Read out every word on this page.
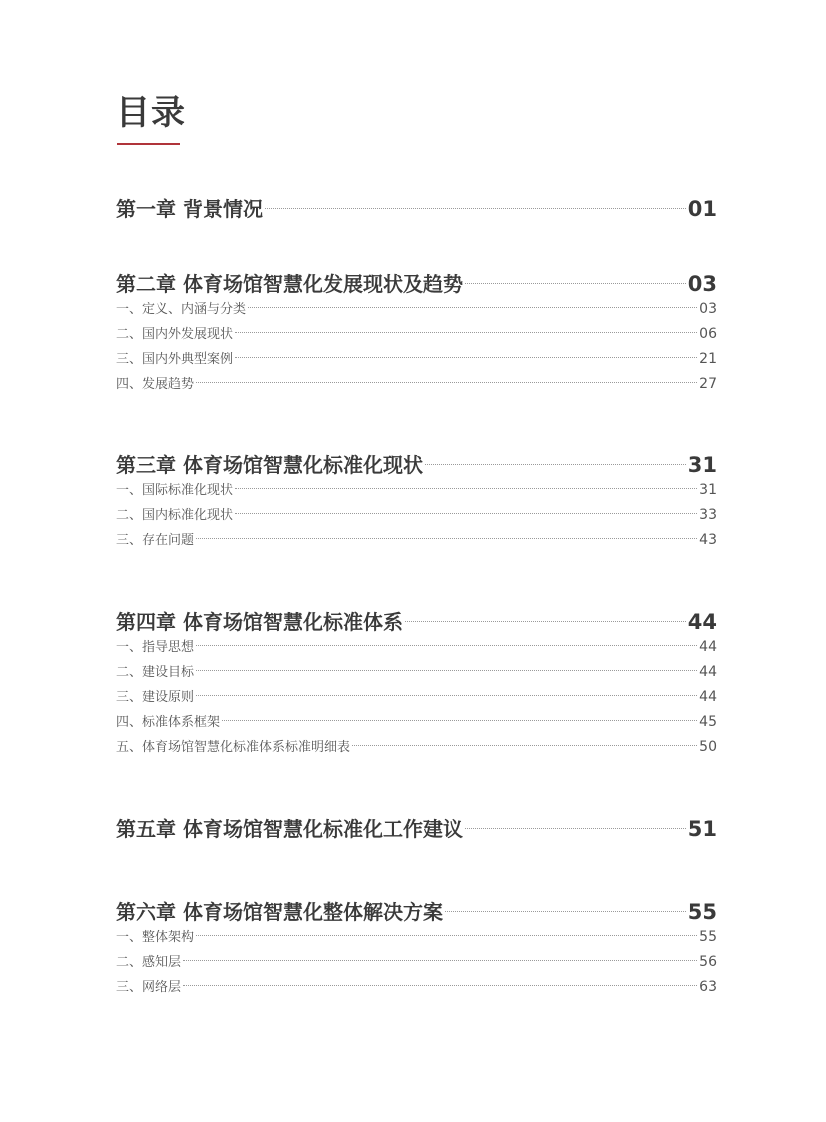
目录
第一章 背景情况	01
第二章 体育场馆智慧化发展现状及趋势	03
一、定义、内涵与分类	03
二、国内外发展现状	06
三、国内外典型案例	21
四、发展趋势	27
第三章 体育场馆智慧化标准化现状	31
一、国际标准化现状	31
二、国内标准化现状	33
三、存在问题	43
第四章 体育场馆智慧化标准体系	44
一、指导思想	44
二、建设目标	44
三、建设原则	44
四、标准体系框架	45
五、体育场馆智慧化标准体系标准明细表	50
第五章 体育场馆智慧化标准化工作建议	51
第六章 体育场馆智慧化整体解决方案	55
一、整体架构	55
二、感知层	56
三、网络层	63
